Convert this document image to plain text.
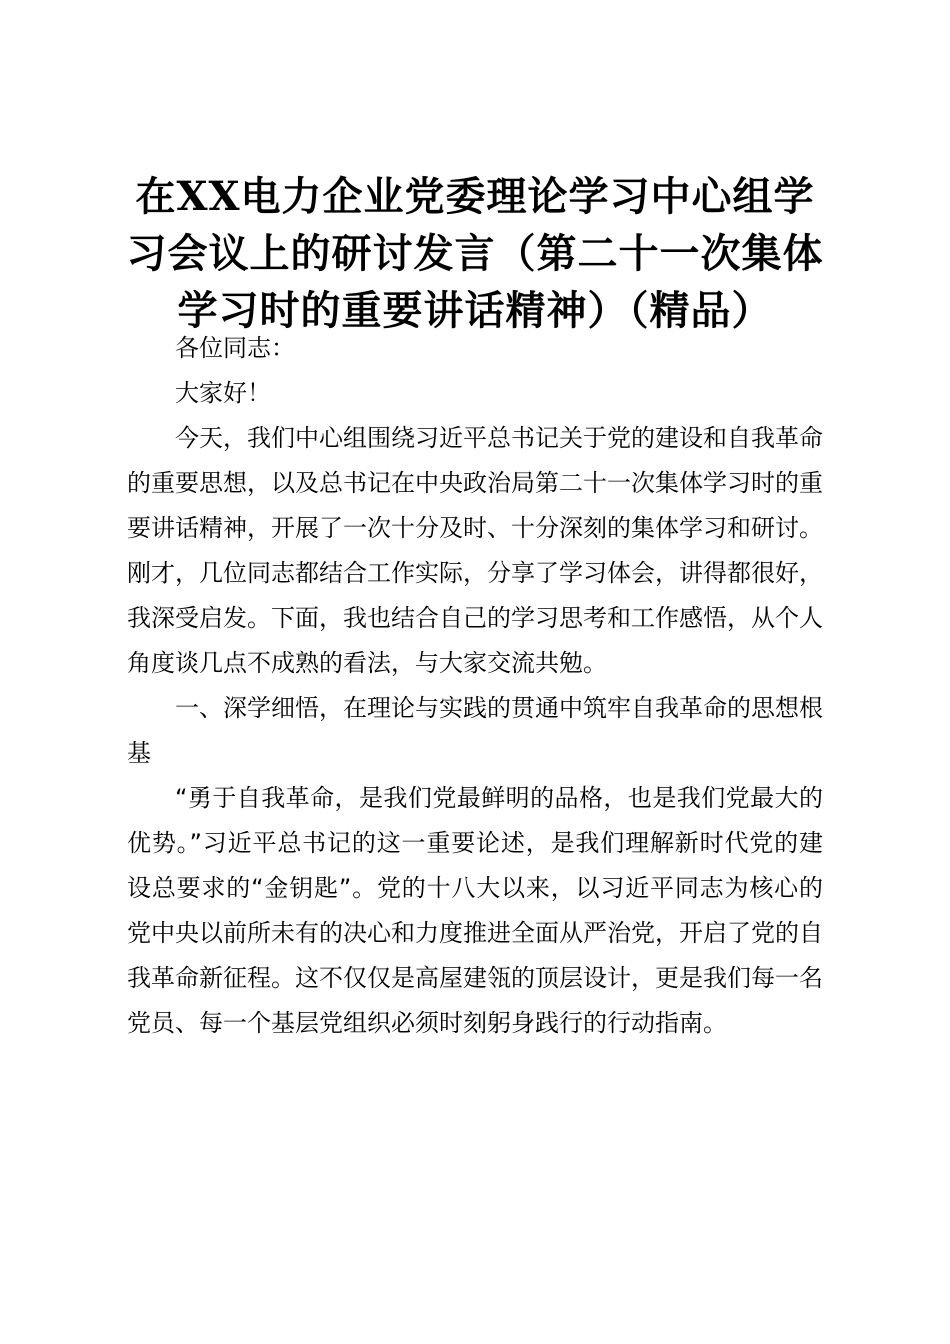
在XX电力企业党委理论学习中心组学
习会议上的研讨发言（第二十一次集体
学习时的重要讲话精神）（精品）

各位同志：

大家好！

今天，我们中心组围绕习近平总书记关于党的建设和自我革命的重要思想，以及总书记在中央政治局第二十一次集体学习时的重要讲话精神，开展了一次十分及时、十分深刻的集体学习和研讨。刚才，几位同志都结合工作实际，分享了学习体会，讲得都很好，我深受启发。下面，我也结合自己的学习思考和工作感悟，从个人角度谈几点不成熟的看法，与大家交流共勉。

一、深学细悟，在理论与实践的贯通中筑牢自我革命的思想根基

“勇于自我革命，是我们党最鲜明的品格，也是我们党最大的优势。”习近平总书记的这一重要论述，是我们理解新时代党的建设总要求的“金钥匙”。党的十八大以来，以习近平同志为核心的党中央以前所未有的决心和力度推进全面从严治党，开启了党的自我革命新征程。这不仅仅是高屋建瓴的顶层设计，更是我们每一名党员、每一个基层党组织必须时刻躬身践行的行动指南。
